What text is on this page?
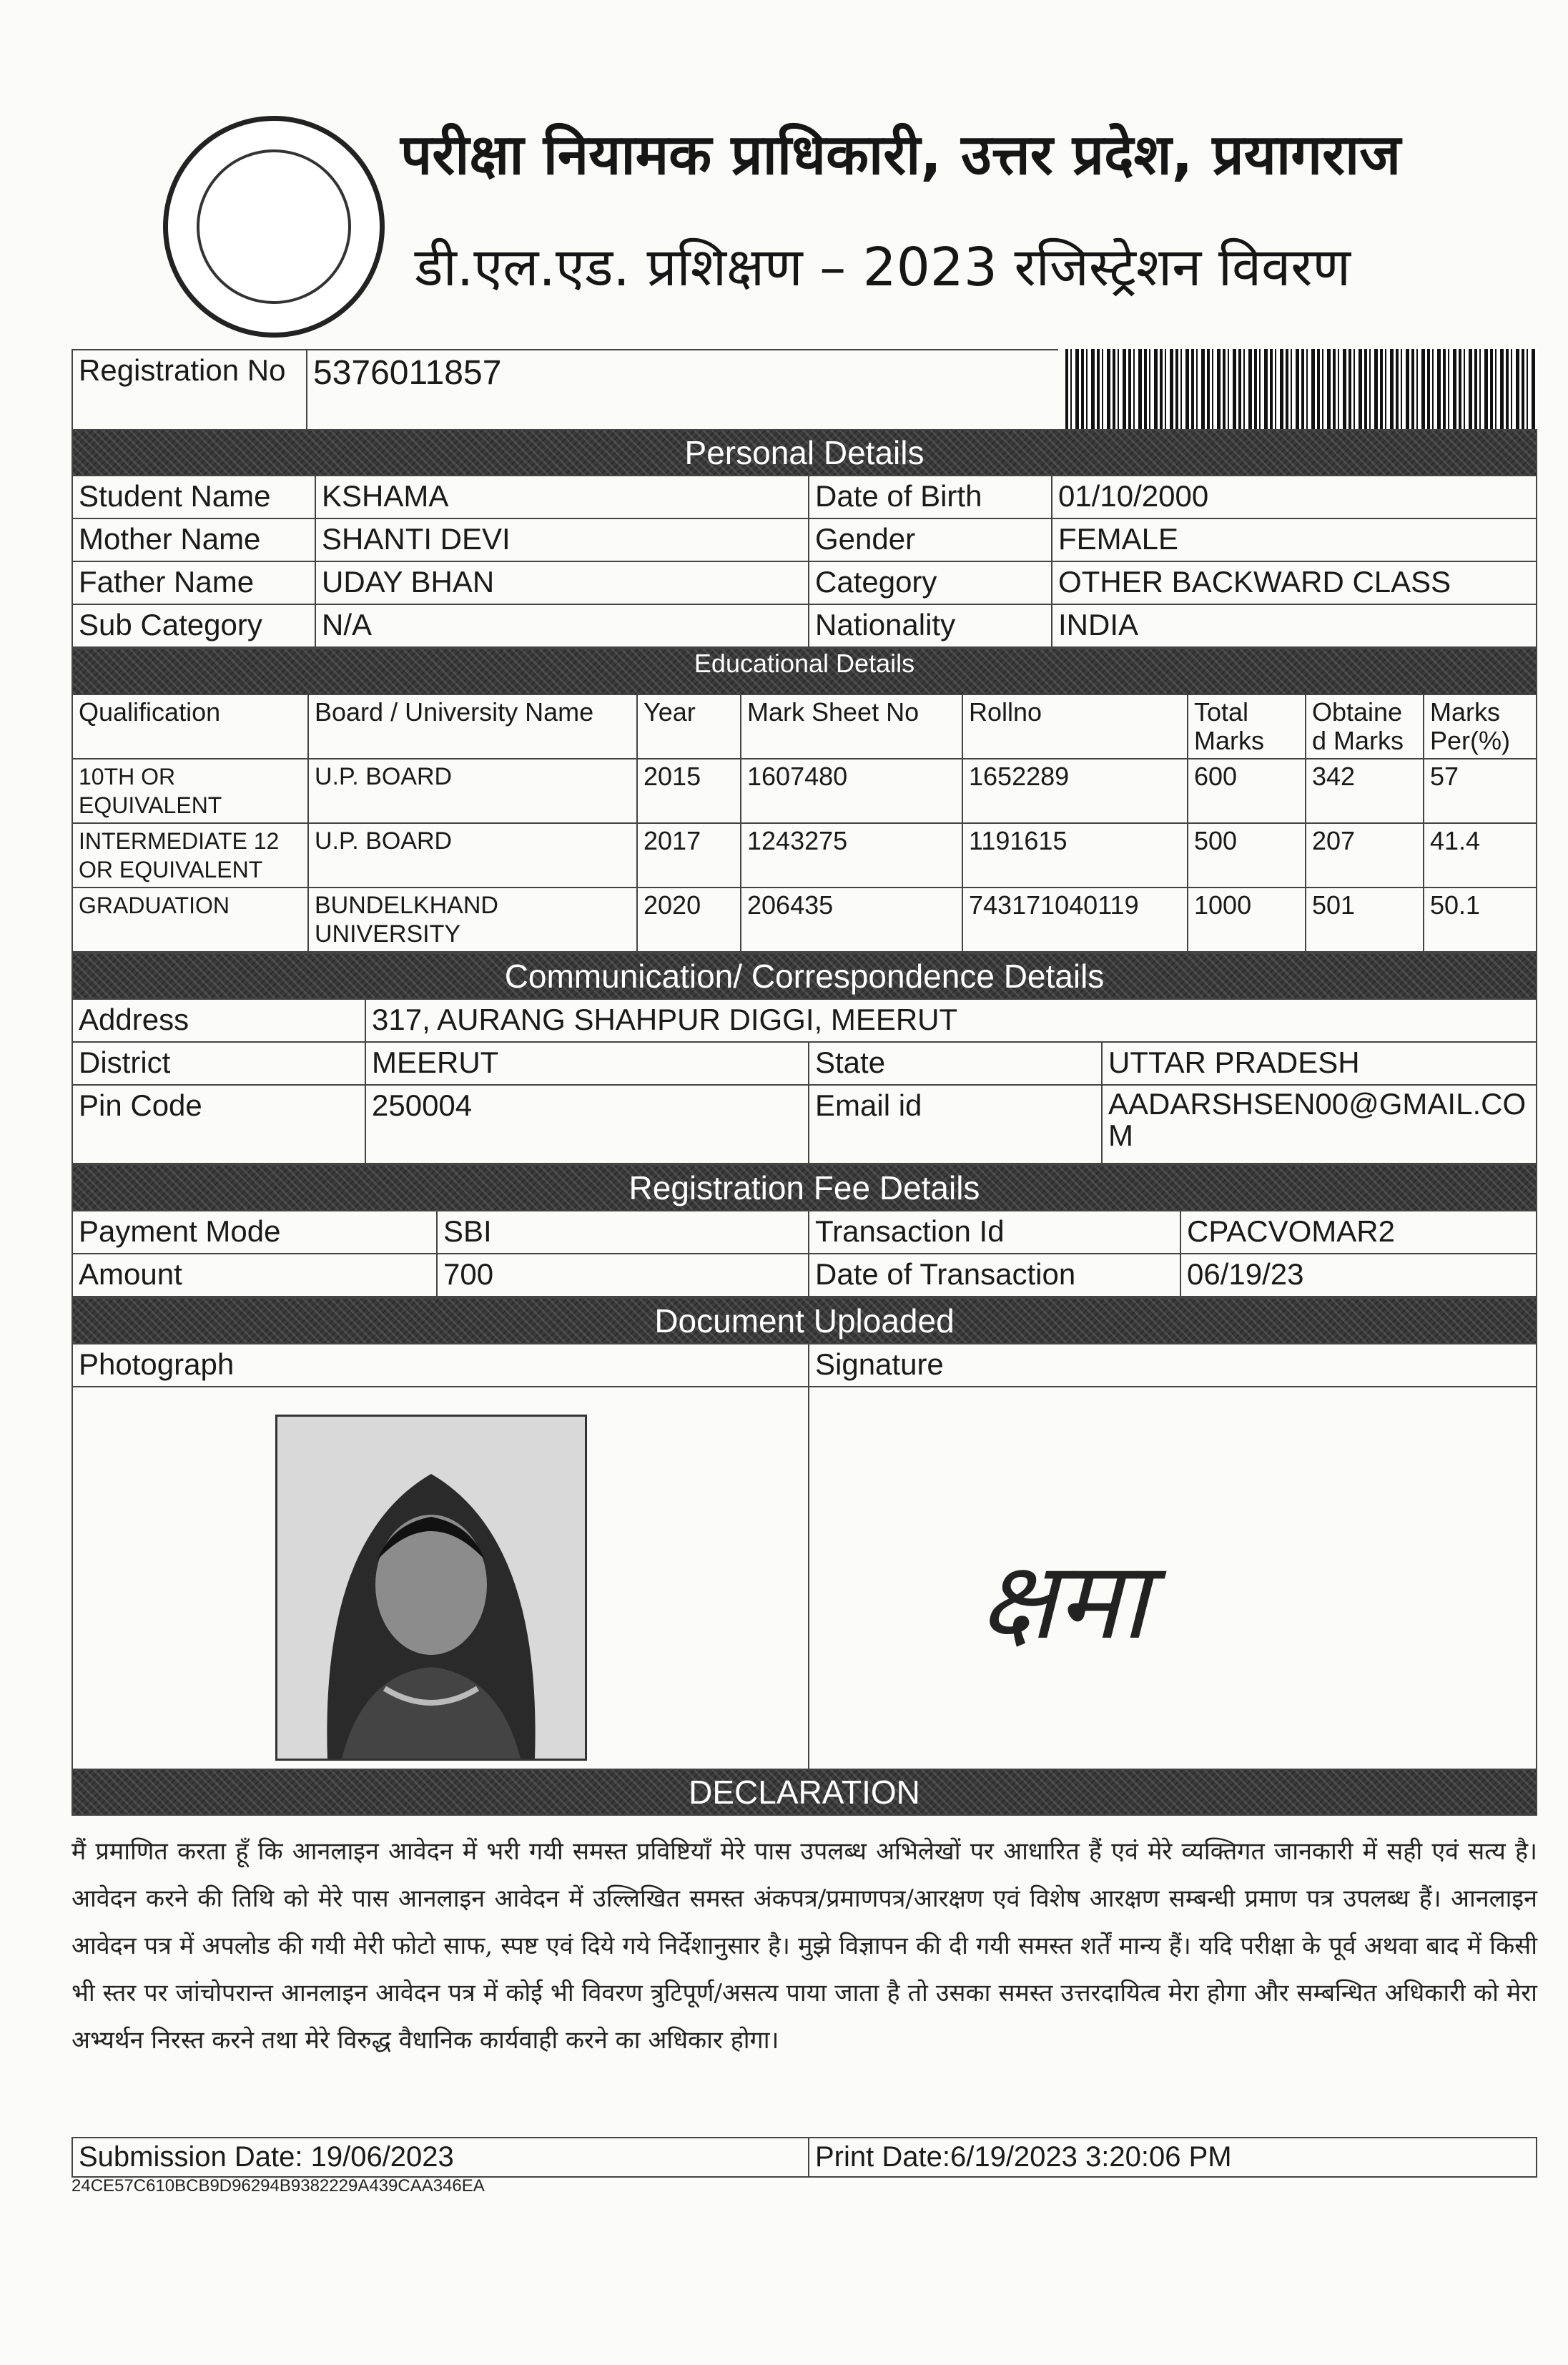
परीक्षा नियामक प्राधिकारी, उत्तर प्रदेश, प्रयागराज
डी.एल.एड. प्रशिक्षण – 2023 रजिस्ट्रेशन विवरण
Registration No	5376011857
Personal Details			
Student Name	KSHAMA	Date of Birth	01/10/2000
Mother Name	SHANTI DEVI	Gender	FEMALE
Father Name	UDAY BHAN	Category	OTHER BACKWARD CLASS
Sub Category	N/A	Nationality	INDIA
Educational Details							
Qualification	Board / University Name	Year	Mark Sheet No	Rollno	Total Marks	Obtaine d Marks	Marks Per(%)
10TH OR EQUIVALENT	U.P. BOARD	2015	1607480	1652289	600	342	57
INTERMEDIATE 12 OR EQUIVALENT	U.P. BOARD	2017	1243275	1191615	500	207	41.4
GRADUATION	BUNDELKHAND UNIVERSITY	2020	206435	743171040119	1000	501	50.1
Communication/ Correspondence Details			
Address	317, AURANG SHAHPUR DIGGI, MEERUT		
District	MEERUT	State	UTTAR PRADESH
Pin Code	250004	Email id	AADARSHSEN00@GMAIL.COM
Registration Fee Details			
Payment Mode	SBI	Transaction Id	CPACVOMAR2
Amount	700	Date of Transaction	06/19/23
Document Uploaded	
Photograph	Signature

DECLARATION	
क्षमा
मैं प्रमाणित करता हूँ कि आनलाइन आवेदन में भरी गयी समस्त प्रविष्टियाँ मेरे पास उपलब्ध अभिलेखों पर आधारित हैं एवं मेरे व्यक्तिगत जानकारी में सही एवं सत्य है। आवेदन करने की तिथि को मेरे पास आनलाइन आवेदन में उल्लिखित समस्त अंकपत्र/प्रमाणपत्र/आरक्षण एवं विशेष आरक्षण सम्बन्धी प्रमाण पत्र उपलब्ध हैं। आनलाइन आवेदन पत्र में अपलोड की गयी मेरी फोटो साफ, स्पष्ट एवं दिये गये निर्देशानुसार है। मुझे विज्ञापन की दी गयी समस्त शर्तें मान्य हैं। यदि परीक्षा के पूर्व अथवा बाद में किसी भी स्तर पर जांचोपरान्त आनलाइन आवेदन पत्र में कोई भी विवरण त्रुटिपूर्ण/असत्य पाया जाता है तो उसका समस्त उत्तरदायित्व मेरा होगा और सम्बन्धित अधिकारी को मेरा अभ्यर्थन निरस्त करने तथा मेरे विरुद्ध वैधानिक कार्यवाही करने का अधिकार होगा।
Submission Date: 19/06/2023	Print Date:6/19/2023 3:20:06 PM
24CE57C610BCB9D96294B9382229A439CAA346EA
